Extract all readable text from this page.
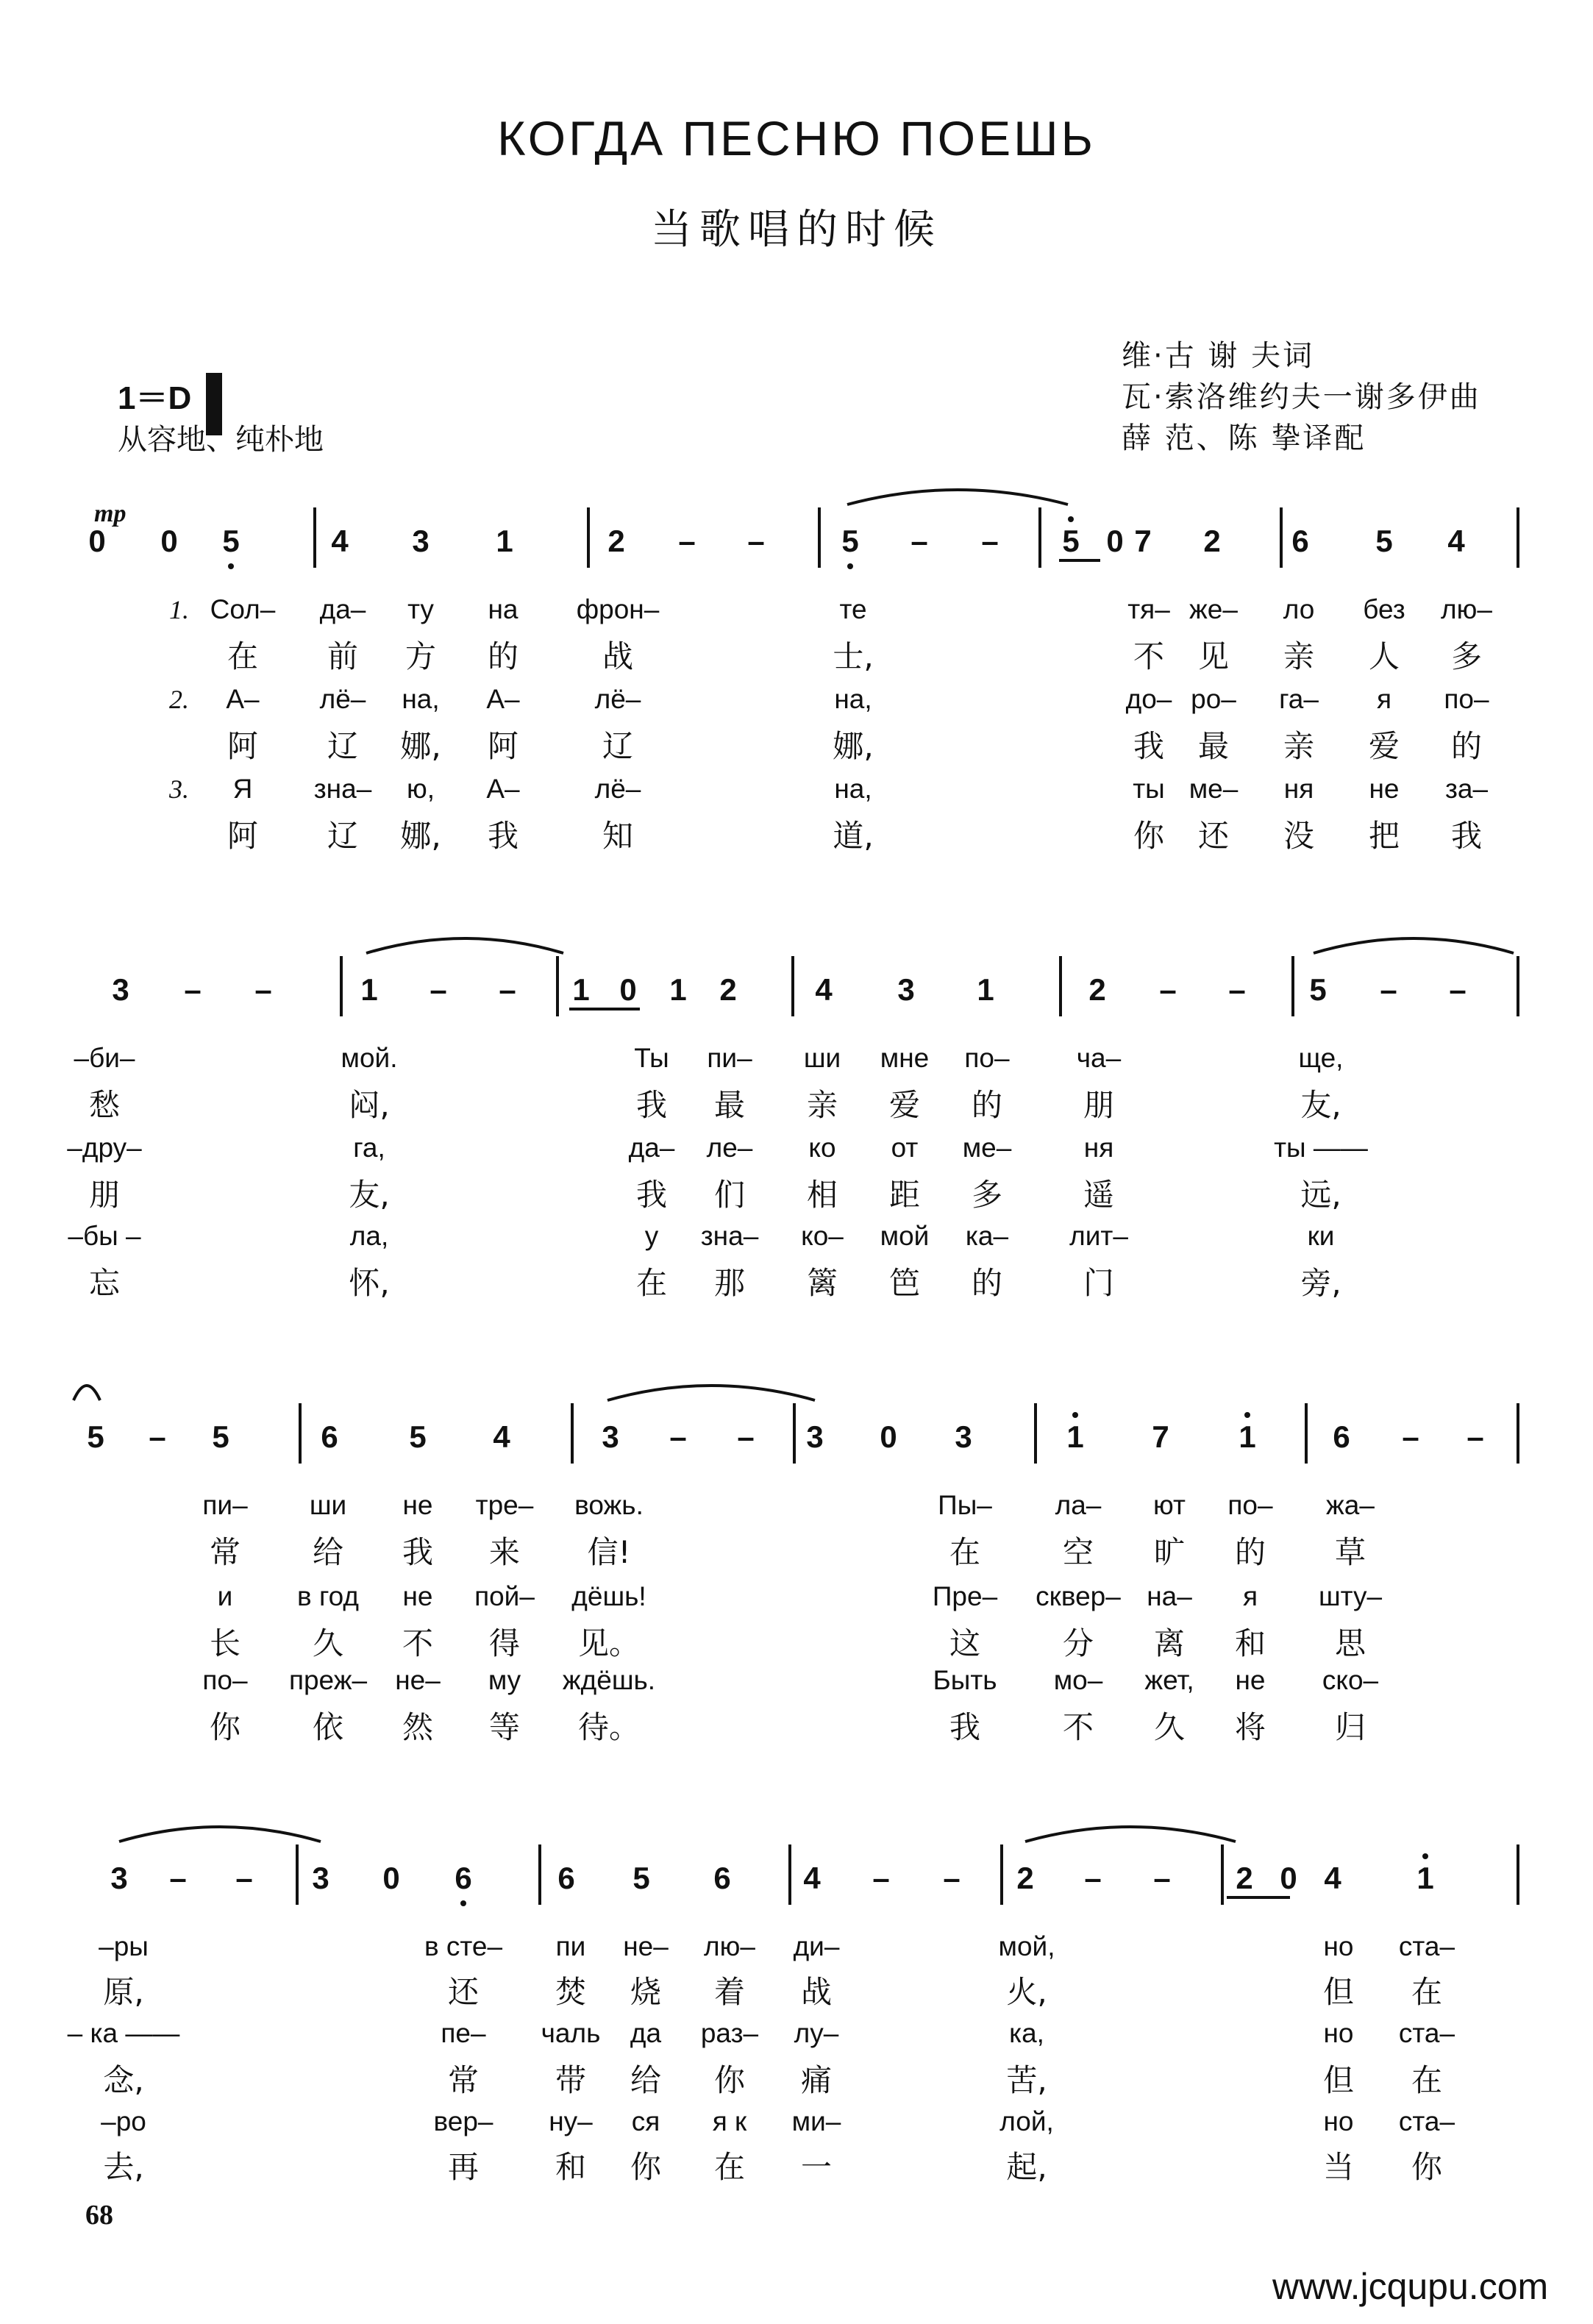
КОГДА ПЕСНЮ ПОЕШЬ
当歌唱的时候
维·古 谢 夫词
瓦·索洛维约夫一谢多伊曲
薛 范、陈 挚译配
1＝D
从容地、纯朴地
mp
0 0 5	4 3 1	2 – – 5 – – 5 0 7 2 6 5 4
1. Сол– да– ту на фрон–	те	тя– же– ло без лю–
在 前 方 的	战	士,	不 见 亲 人 多
2. А– лё– на, А–	лё–	на,	до– ро– га– я по–
阿 辽 娜, 阿	辽	娜,	我 最 亲 爱 的
3. Я зна– ю, А–	лё–	на,	ты ме– ня не за–
阿 辽 娜, 我	知	道,	你 还 没 把 我
3 – –	1 – – 1 0 1 2	4 3 1	2 – – 5 – –
–би–	мой.	Ты пи– ши мне по– ча–	ще,
愁	闷,	我 最 亲 爱 的	朋	友,
–дру–	га,	да– ле– ко от ме–	ня	ты ——
朋	友,	我 们 相 距 多	遥	远,
–бы –	ла,	у зна– ко– мой ка– лит–	ки
忘	怀,	在 那 篱 笆 的	门	旁,
5 – 5	6 5 4	3 – – 3 0 3	1 7 1 6 – –
пи– ши не тре– вожь.	Пы– ла– ют по– жа–
常 给 我 来 信!	在	空 旷 的 草
и в год не пой– дёшь!	Пре– сквер– на– я шту–
长 久 不 得 见。	这	分 离 和 思
по– преж– не– му ждёшь.	Быть мо– жет, не ско–
你 依 然 等 待。	我	不 久 将 归
3 – – 3 0 6	6 5 6 4 – – 2 – – 2 0 4 1
–ры	в сте– пи не– лю– ди–	мой,	но ста–
原,	还 焚 烧 着 战	火,	但 在
– ка ——	пе– чаль да раз– лу–	ка,	но ста–
念,	常 带 给 你 痛	苦,	但 在
–ро	вер– ну– ся я к ми–	лой,	но ста–
去,	再 和 你 在 一	起,	当 你
68
www.jcqupu.com
